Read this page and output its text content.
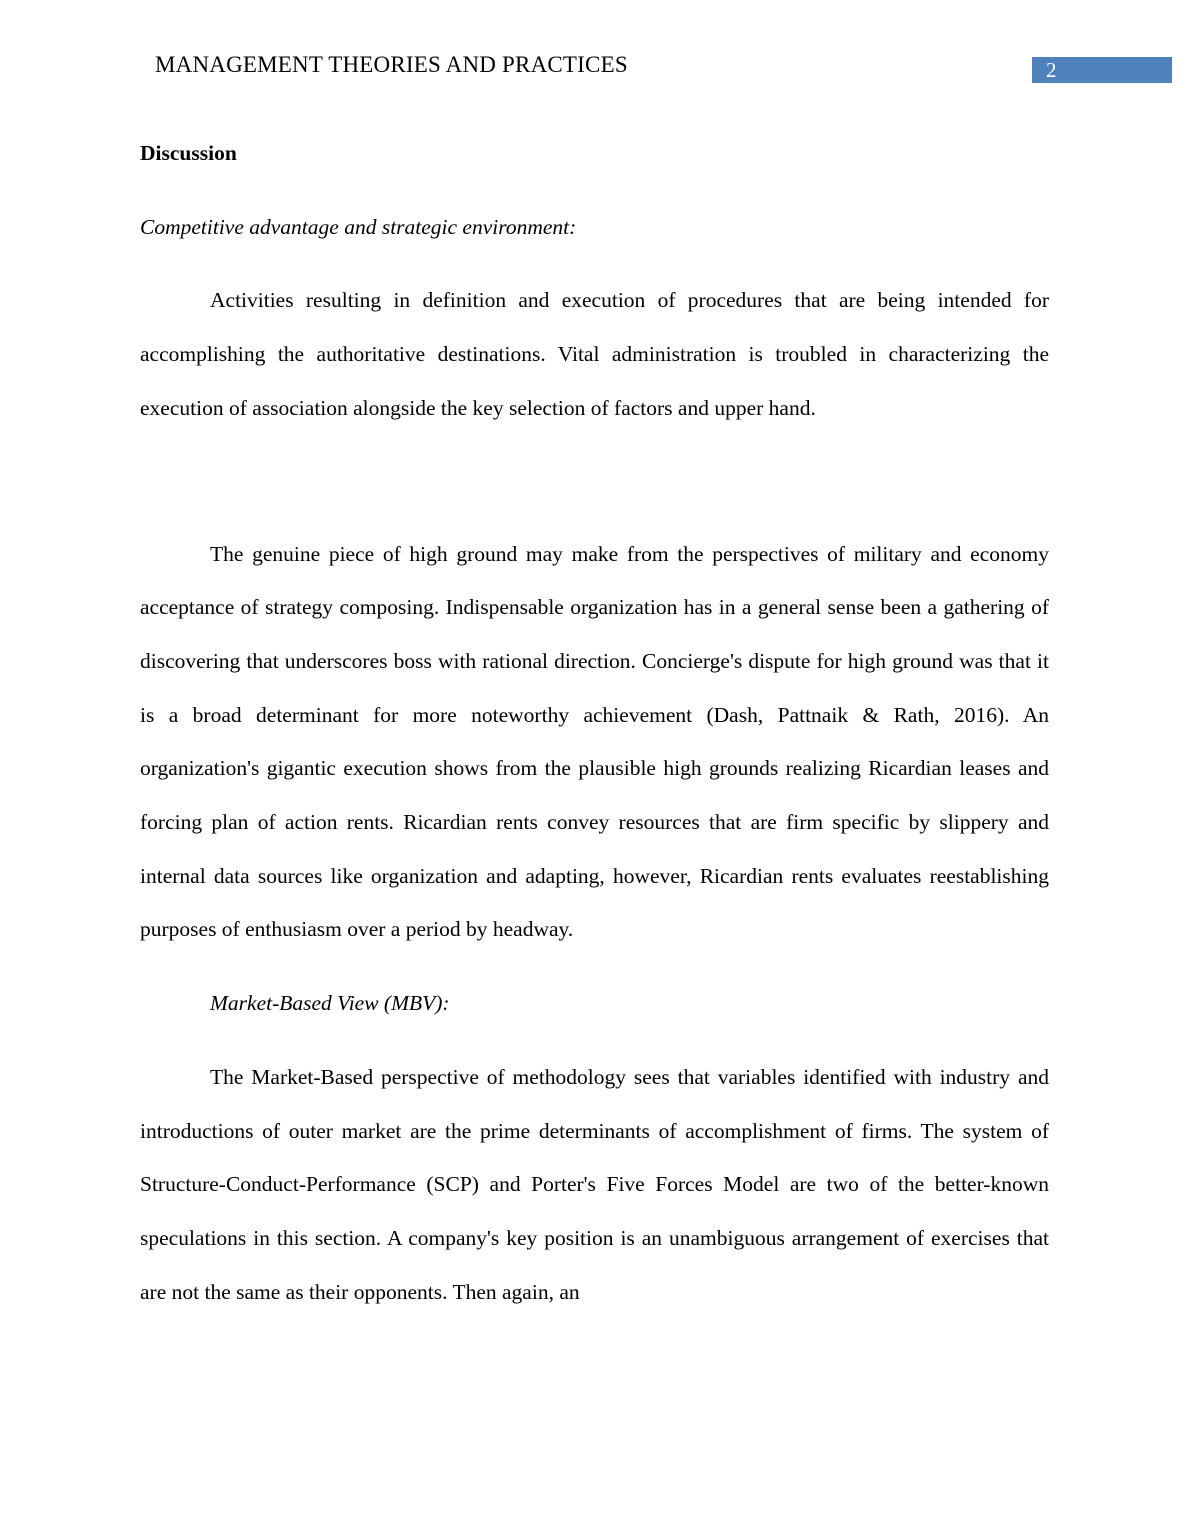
MANAGEMENT THEORIES AND PRACTICES	2

Discussion

Competitive advantage and strategic environment:

Activities resulting in definition and execution of procedures that are being intended for accomplishing the authoritative destinations. Vital administration is troubled in characterizing the execution of association alongside the key selection of factors and upper hand.

The genuine piece of high ground may make from the perspectives of military and economy acceptance of strategy composing. Indispensable organization has in a general sense been a gathering of discovering that underscores boss with rational direction. Concierge's dispute for high ground was that it is a broad determinant for more noteworthy achievement (Dash, Pattnaik & Rath, 2016). An organization's gigantic execution shows from the plausible high grounds realizing Ricardian leases and forcing plan of action rents. Ricardian rents convey resources that are firm specific by slippery and internal data sources like organization and adapting, however, Ricardian rents evaluates reestablishing purposes of enthusiasm over a period by headway.

Market-Based View (MBV):

The Market-Based perspective of methodology sees that variables identified with industry and introductions of outer market are the prime determinants of accomplishment of firms. The system of Structure-Conduct-Performance (SCP) and Porter's Five Forces Model are two of the better-known speculations in this section. A company's key position is an unambiguous arrangement of exercises that are not the same as their opponents. Then again, an
